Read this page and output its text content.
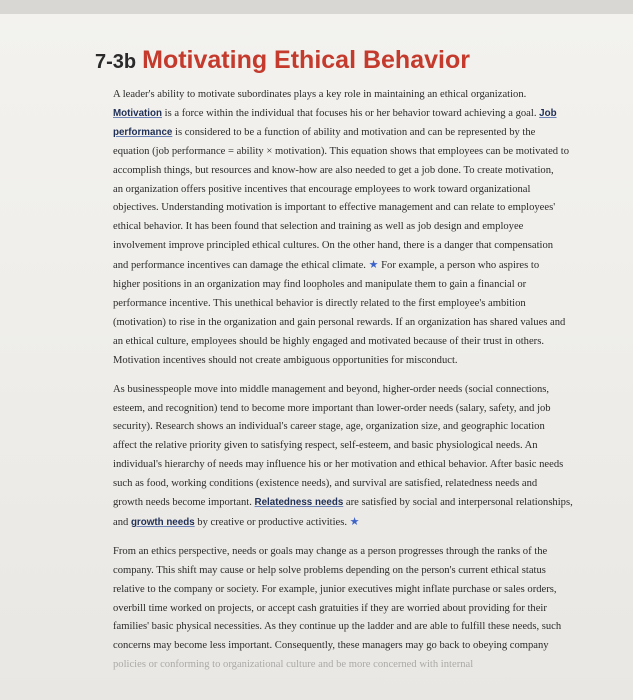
7-3b Motivating Ethical Behavior

A leader's ability to motivate subordinates plays a key role in maintaining an ethical organization.
Motivation is a force within the individual that focuses his or her behavior toward achieving a goal. Job
performance is considered to be a function of ability and motivation and can be represented by the
equation (job performance = ability × motivation). This equation shows that employees can be motivated to
accomplish things, but resources and know-how are also needed to get a job done. To create motivation,
an organization offers positive incentives that encourage employees to work toward organizational
objectives. Understanding motivation is important to effective management and can relate to employees'
ethical behavior. It has been found that selection and training as well as job design and employee
involvement improve principled ethical cultures. On the other hand, there is a danger that compensation
and performance incentives can damage the ethical climate. ★ For example, a person who aspires to
higher positions in an organization may find loopholes and manipulate them to gain a financial or
performance incentive. This unethical behavior is directly related to the first employee's ambition
(motivation) to rise in the organization and gain personal rewards. If an organization has shared values and
an ethical culture, employees should be highly engaged and motivated because of their trust in others.
Motivation incentives should not create ambiguous opportunities for misconduct.

As businesspeople move into middle management and beyond, higher-order needs (social connections,
esteem, and recognition) tend to become more important than lower-order needs (salary, safety, and job
security). Research shows an individual's career stage, age, organization size, and geographic location
affect the relative priority given to satisfying respect, self-esteem, and basic physiological needs. An
individual's hierarchy of needs may influence his or her motivation and ethical behavior. After basic needs
such as food, working conditions (existence needs), and survival are satisfied, relatedness needs and
growth needs become important. Relatedness needs are satisfied by social and interpersonal relationships,
and growth needs by creative or productive activities. ★

From an ethics perspective, needs or goals may change as a person progresses through the ranks of the
company. This shift may cause or help solve problems depending on the person's current ethical status
relative to the company or society. For example, junior executives might inflate purchase or sales orders,
overbill time worked on projects, or accept cash gratuities if they are worried about providing for their
families' basic physical necessities. As they continue up the ladder and are able to fulfill these needs, such
concerns may become less important. Consequently, these managers may go back to obeying company
policies or conforming to organizational culture and be more concerned with internal
